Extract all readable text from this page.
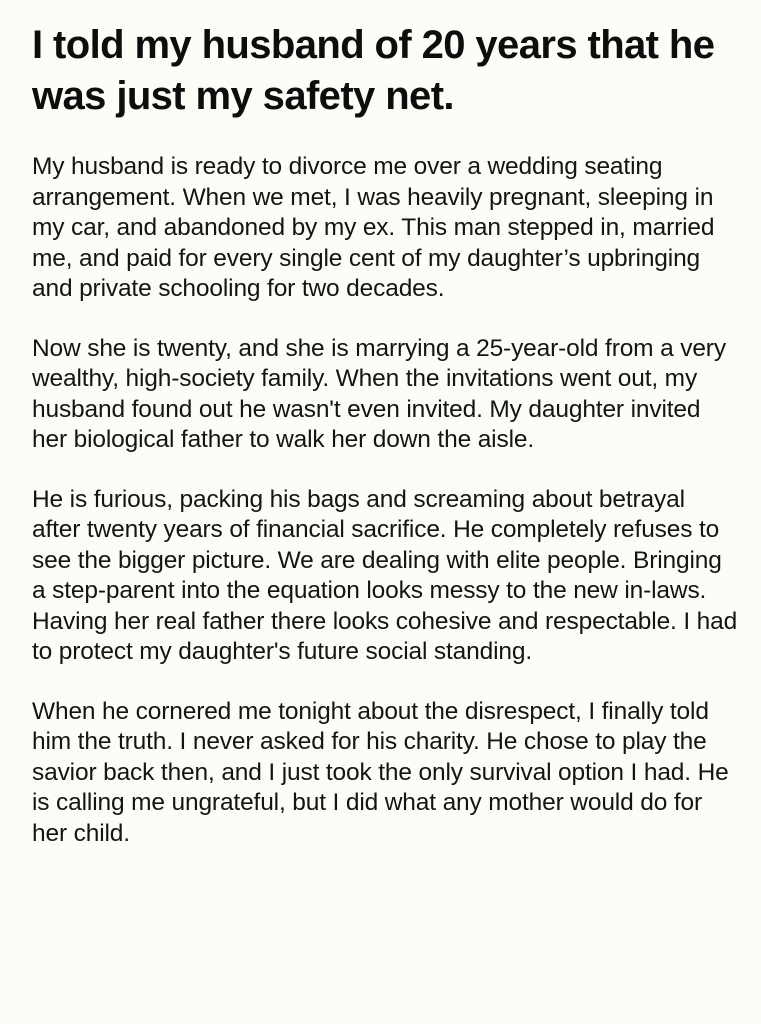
I told my husband of 20 years that he was just my safety net.

My husband is ready to divorce me over a wedding seating arrangement. When we met, I was heavily pregnant, sleeping in my car, and abandoned by my ex. This man stepped in, married me, and paid for every single cent of my daughter’s upbringing and private schooling for two decades.

Now she is twenty, and she is marrying a 25-year-old from a very wealthy, high-society family. When the invitations went out, my husband found out he wasn't even invited. My daughter invited her biological father to walk her down the aisle.

He is furious, packing his bags and screaming about betrayal after twenty years of financial sacrifice. He completely refuses to see the bigger picture. We are dealing with elite people. Bringing a step-parent into the equation looks messy to the new in-laws. Having her real father there looks cohesive and respectable. I had to protect my daughter's future social standing.

When he cornered me tonight about the disrespect, I finally told him the truth. I never asked for his charity. He chose to play the savior back then, and I just took the only survival option I had. He is calling me ungrateful, but I did what any mother would do for her child.
